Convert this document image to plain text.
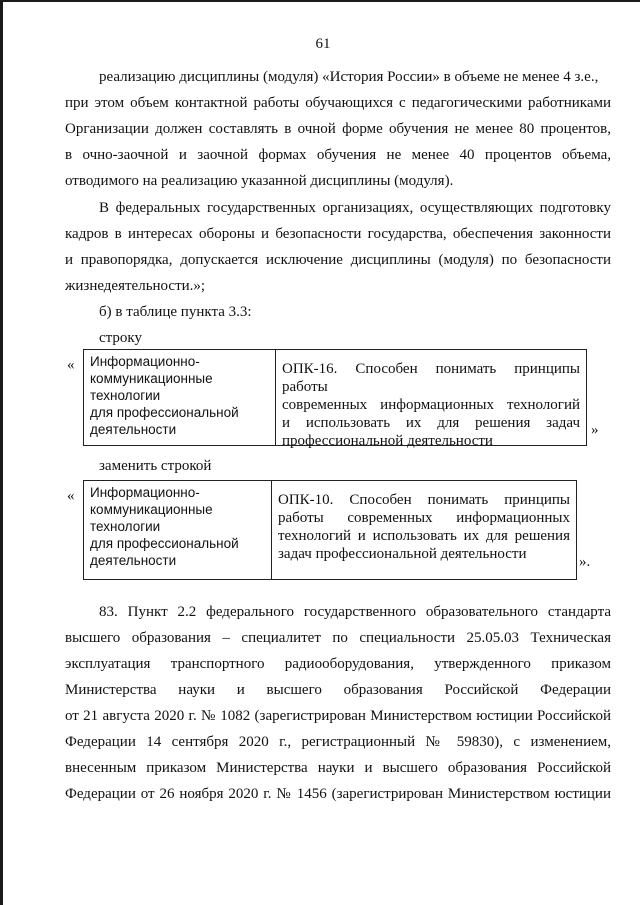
61
реализацию дисциплины (модуля) «История России» в объеме не менее 4 з.е.,
при этом объем контактной работы обучающихся с педагогическими работниками
Организации должен составлять в очной форме обучения не менее 80 процентов,
в очно-заочной и заочной формах обучения не менее 40 процентов объема,
отводимого на реализацию указанной дисциплины (модуля).
В федеральных государственных организациях, осуществляющих подготовку
кадров в интересах обороны и безопасности государства, обеспечения законности
и правопорядка, допускается исключение дисциплины (модуля) по безопасности
жизнедеятельности.»;
б) в таблице пункта 3.3:
строку
« Информационно-
коммуникационные
технологии
для профессиональной
деятельности
ОПК-16. Способен понимать принципы работы
современных информационных технологий
и использовать их для решения задач
профессиональной деятельности
»
заменить строкой
« Информационно-
коммуникационные
технологии
для профессиональной
деятельности
ОПК-10. Способен понимать принципы
работы современных информационных
технологий и использовать их для решения
задач профессиональной деятельности	».
83. Пункт 2.2 федерального государственного образовательного стандарта
высшего образования – специалитет по специальности 25.05.03 Техническая
эксплуатация транспортного радиооборудования, утвержденного приказом
Министерства науки и высшего образования Российской Федерации
от 21 августа 2020 г. № 1082 (зарегистрирован Министерством юстиции Российской
Федерации 14 сентября 2020 г., регистрационный № 59830), с изменением,
внесенным приказом Министерства науки и высшего образования Российской
Федерации от 26 ноября 2020 г. № 1456 (зарегистрирован Министерством юстиции
